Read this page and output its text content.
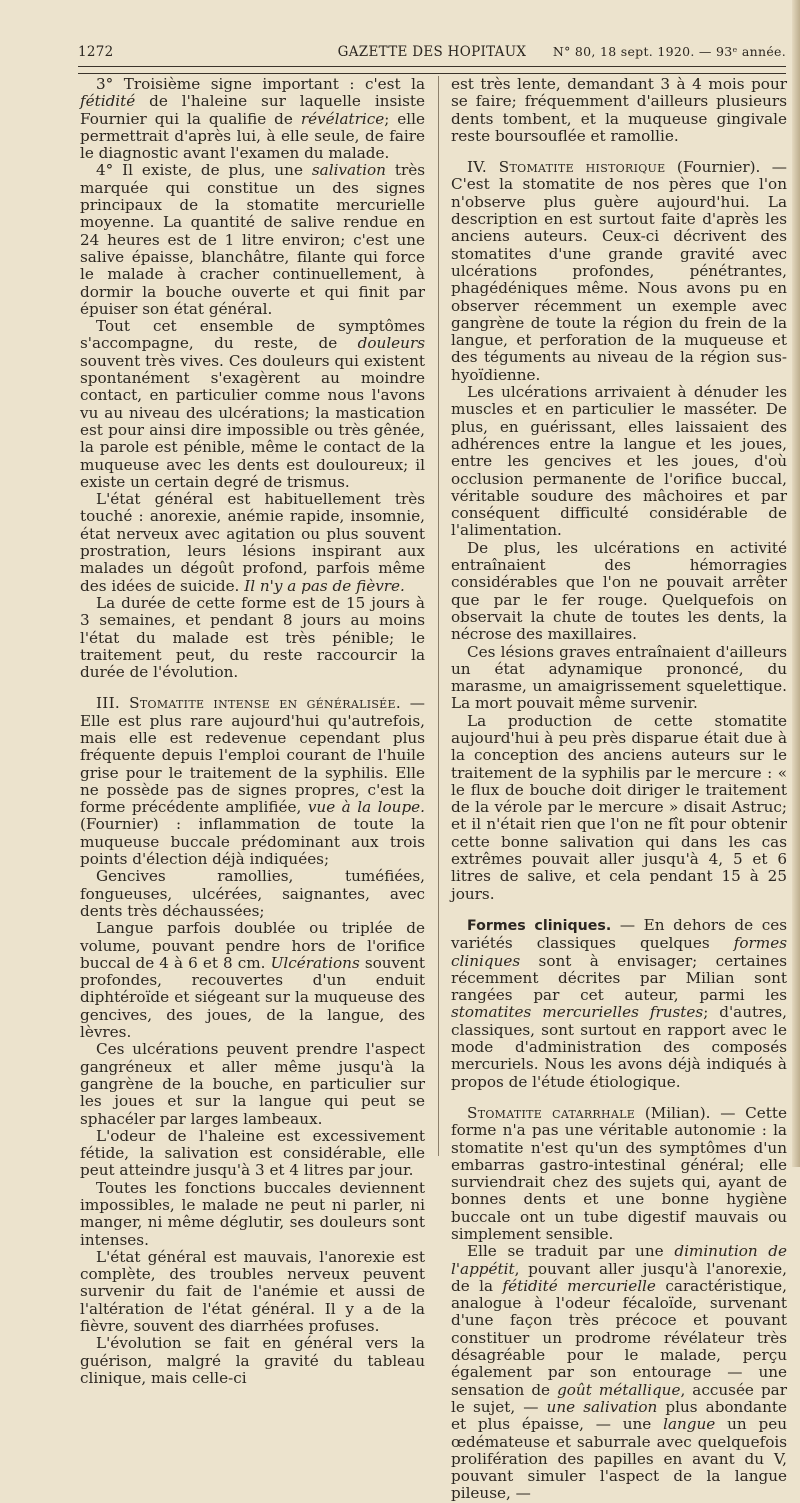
1272	GAZETTE DES HOPITAUX	N° 80, 18 sept. 1920. — 93ᵉ année.

3° Troisième signe important : c'est la fétidité de l'haleine sur laquelle insiste Fournier qui la qualifie de révélatrice; elle permettrait d'après lui, à elle seule, de faire le diagnostic avant l'examen du malade.

4° Il existe, de plus, une salivation très marquée qui constitue un des signes principaux de la stomatite mercurielle moyenne. La quantité de salive rendue en 24 heures est de 1 litre environ; c'est une salive épaisse, blanchâtre, filante qui force le malade à cracher continuellement, à dormir la bouche ouverte et qui finit par épuiser son état général.

Tout cet ensemble de symptômes s'accompagne, du reste, de douleurs souvent très vives. Ces douleurs qui existent spontanément s'exagèrent au moindre contact, en particulier comme nous l'avons vu au niveau des ulcérations; la mastication est pour ainsi dire impossible ou très gênée, la parole est pénible, même le contact de la muqueuse avec les dents est douloureux; il existe un certain degré de trismus.

L'état général est habituellement très touché : anorexie, anémie rapide, insomnie, état nerveux avec agitation ou plus souvent prostration, leurs lésions inspirant aux malades un dégoût profond, parfois même des idées de suicide. Il n'y a pas de fièvre.

La durée de cette forme est de 15 jours à 3 semaines, et pendant 8 jours au moins l'état du malade est très pénible; le traitement peut, du reste raccourcir la durée de l'évolution.

III. Stomatite intense en généralisée. — Elle est plus rare aujourd'hui qu'autrefois, mais elle est redevenue cependant plus fréquente depuis l'emploi courant de l'huile grise pour le traitement de la syphilis. Elle ne possède pas de signes propres, c'est la forme précédente amplifiée, vue à la loupe. (Fournier) : inflammation de toute la muqueuse buccale prédominant aux trois points d'élection déjà indiquées;

Gencives ramollies, tuméfiées, fongueuses, ulcérées, saignantes, avec dents très déchaussées;

Langue parfois doublée ou triplée de volume, pouvant pendre hors de l'orifice buccal de 4 à 6 et 8 cm. Ulcérations souvent profondes, recouvertes d'un enduit diphtéroïde et siégeant sur la muqueuse des gencives, des joues, de la langue, des lèvres.

Ces ulcérations peuvent prendre l'aspect gangréneux et aller même jusqu'à la gangrène de la bouche, en particulier sur les joues et sur la langue qui peut se sphacéler par larges lambeaux.

L'odeur de l'haleine est excessivement fétide, la salivation est considérable, elle peut atteindre jusqu'à 3 et 4 litres par jour.

Toutes les fonctions buccales deviennent impossibles, le malade ne peut ni parler, ni manger, ni même déglutir, ses douleurs sont intenses.

L'état général est mauvais, l'anorexie est complète, des troubles nerveux peuvent survenir du fait de l'anémie et aussi de l'altération de l'état général. Il y a de la fièvre, souvent des diarrhées profuses.

L'évolution se fait en général vers la guérison, malgré la gravité du tableau clinique, mais celle-ci

est très lente, demandant 3 à 4 mois pour se faire; fréquemment d'ailleurs plusieurs dents tombent, et la muqueuse gingivale reste boursouflée et ramollie.

IV. Stomatite historique (Fournier). — C'est la stomatite de nos pères que l'on n'observe plus guère aujourd'hui. La description en est surtout faite d'après les anciens auteurs. Ceux-ci décrivent des stomatites d'une grande gravité avec ulcérations profondes, pénétrantes, phagédéniques même. Nous avons pu en observer récemment un exemple avec gangrène de toute la région du frein de la langue, et perforation de la muqueuse et des téguments au niveau de la région sus-hyoïdienne.

Les ulcérations arrivaient à dénuder les muscles et en particulier le masséter. De plus, en guérissant, elles laissaient des adhérences entre la langue et les joues, entre les gencives et les joues, d'où occlusion permanente de l'orifice buccal, véritable soudure des mâchoires et par conséquent difficulté considérable de l'alimentation.

De plus, les ulcérations en activité entraînaient des hémorragies considérables que l'on ne pouvait arrêter que par le fer rouge. Quelquefois on observait la chute de toutes les dents, la nécrose des maxillaires.

Ces lésions graves entraînaient d'ailleurs un état adynamique prononcé, du marasme, un amaigrissement squelettique. La mort pouvait même survenir.

La production de cette stomatite aujourd'hui à peu près disparue était due à la conception des anciens auteurs sur le traitement de la syphilis par le mercure : « le flux de bouche doit diriger le traitement de la vérole par le mercure » disait Astruc; et il n'était rien que l'on ne fît pour obtenir cette bonne salivation qui dans les cas extrêmes pouvait aller jusqu'à 4, 5 et 6 litres de salive, et cela pendant 15 à 25 jours.

Formes cliniques. — En dehors de ces variétés classiques quelques formes cliniques sont à envisager; certaines récemment décrites par Milian sont rangées par cet auteur, parmi les stomatites mercurielles frustes; d'autres, classiques, sont surtout en rapport avec le mode d'administration des composés mercuriels. Nous les avons déjà indiqués à propos de l'étude étiologique.

Stomatite catarrhale (Milian). — Cette forme n'a pas une véritable autonomie : la stomatite n'est qu'un des symptômes d'un embarras gastro-intestinal général; elle surviendrait chez des sujets qui, ayant de bonnes dents et une bonne hygiène buccale ont un tube digestif mauvais ou simplement sensible.

Elle se traduit par une diminution de l'appétit, pouvant aller jusqu'à l'anorexie, de la fétidité mercurielle caractéristique, analogue à l'odeur fécaloïde, survenant d'une façon très précoce et pouvant constituer un prodrome révélateur très désagréable pour le malade, perçu également par son entourage — une sensation de goût métallique, accusée par le sujet, — une salivation plus abondante et plus épaisse, — une langue un peu œdémateuse et saburrale avec quelquefois prolifération des papilles en avant du V, pouvant simuler l'aspect de la langue pileuse, —
